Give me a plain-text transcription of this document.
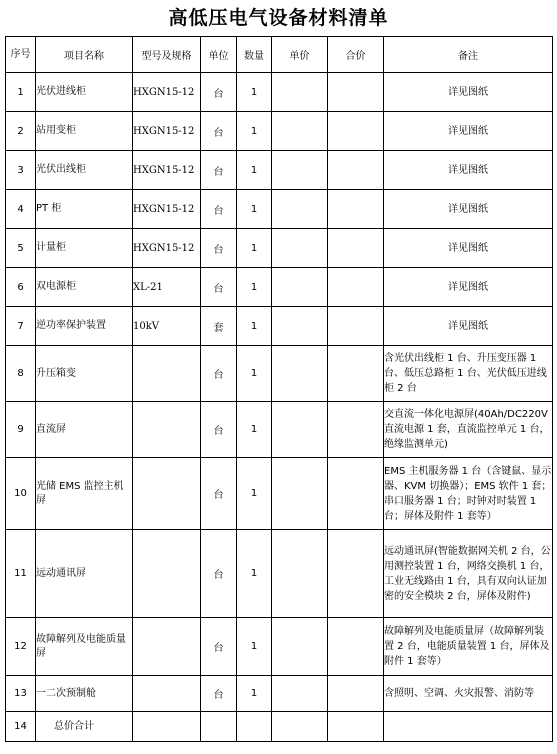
高低压电气设备材料清单
序号	项目名称	型号及规格	单位	数量	单价	合价	备注
1	光伏进线柜	HXGN15-12	台	1			详见图纸
2	站用变柜	HXGN15-12	台	1			详见图纸
3	光伏出线柜	HXGN15-12	台	1			详见图纸
4	PT 柜	HXGN15-12	台	1			详见图纸
5	计量柜	HXGN15-12	台	1			详见图纸
6	双电源柜	XL-21	台	1			详见图纸
7	逆功率保护装置	10kV	套	1			详见图纸
8	升压箱变		台	1			含光伏出线柜 1 台、升压变压器 1 台、低压总路柜 1 台、光伏低压进线柜 2 台
9	直流屏		台	1			交直流一体化电源屏(40Ah/DC220V 直流电源 1 套，直流监控单元 1 台，绝缘监测单元)
10	光储 EMS 监控主机屏		台	1			EMS 主机服务器 1 台（含键鼠、显示器、KVM 切换器）；EMS 软件 1 套；串口服务器 1 台；时钟对时装置 1 台；屏体及附件 1 套等）
11	远动通讯屏		台	1			远动通讯屏(智能数据网关机 2 台，公用测控装置 1 台，网络交换机 1 台，工业无线路由 1 台，具有双向认证加密的安全模块 2 台，屏体及附件)
12	故障解列及电能质量屏		台	1			故障解列及电能质量屏（故障解列装置 2 台，电能质量装置 1 台，屏体及附件 1 套等）
13	一二次预制舱		台	1			含照明、空调、火灾报警、消防等
14	总价合计						
